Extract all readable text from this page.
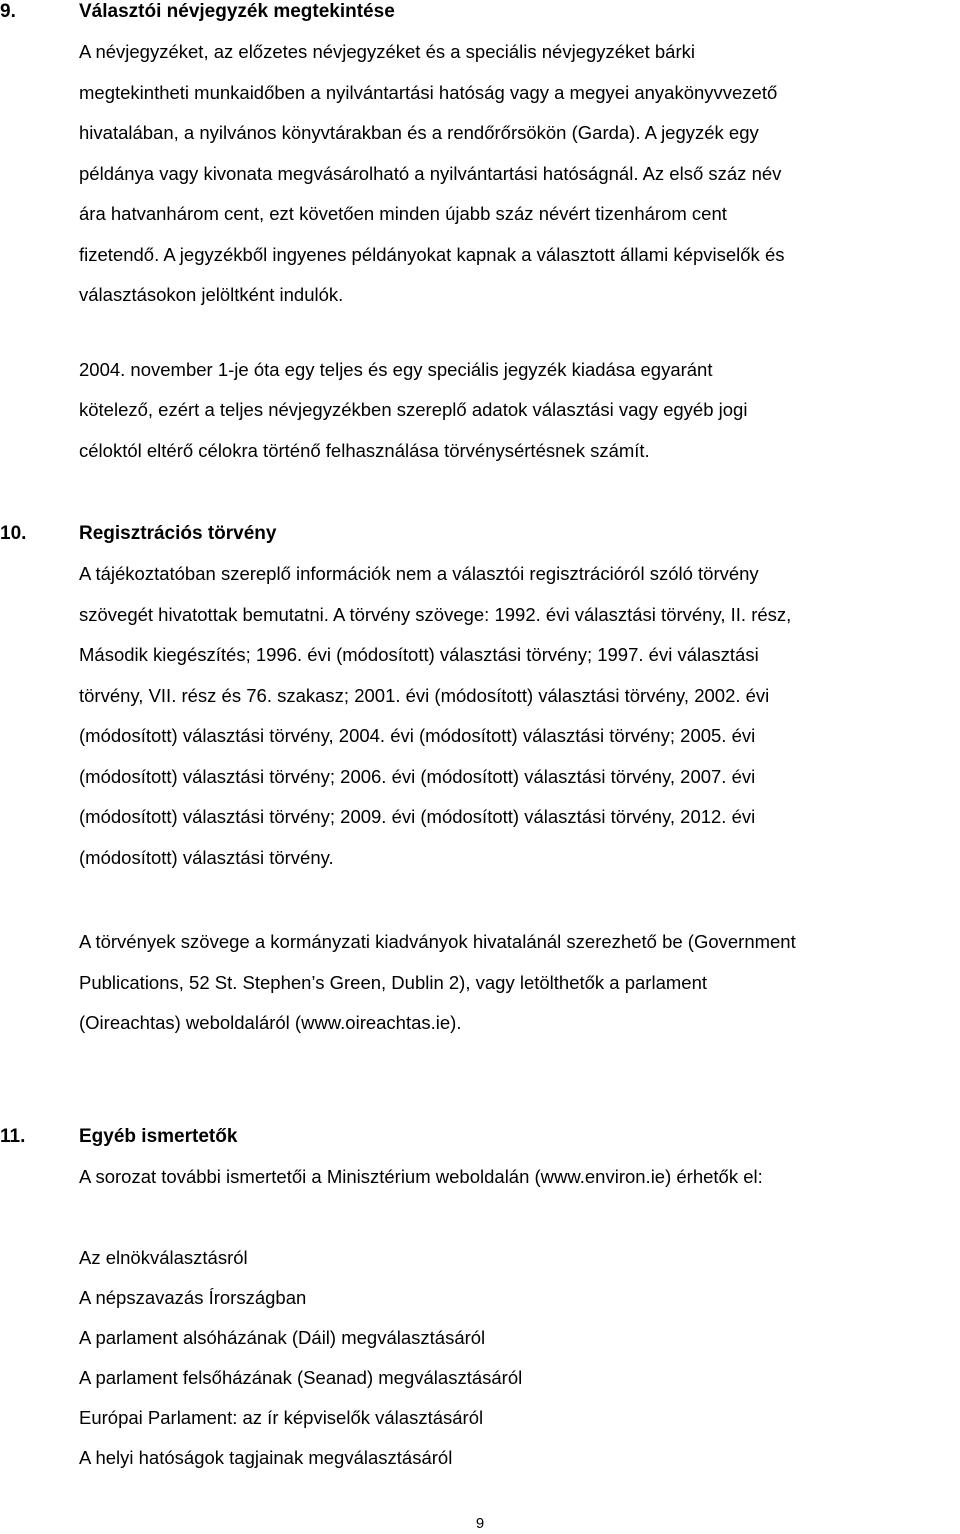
9.	Választói névjegyzék megtekintése

A névjegyzéket, az előzetes névjegyzéket és a speciális névjegyzéket bárki
megtekintheti munkaidőben a nyilvántartási hatóság vagy a megyei anyakönyvvezető
hivatalában, a nyilvános könyvtárakban és a rendőrőrsökön (Garda). A jegyzék egy
példánya vagy kivonata megvásárolható a nyilvántartási hatóságnál. Az első száz név
ára hatvanhárom cent, ezt követően minden újabb száz névért tizenhárom cent
fizetendő. A jegyzékből ingyenes példányokat kapnak a választott állami képviselők és
választásokon jelöltként indulók.

2004. november 1-je óta egy teljes és egy speciális jegyzék kiadása egyaránt
kötelező, ezért a teljes névjegyzékben szereplő adatok választási vagy egyéb jogi
céloktól eltérő célokra történő felhasználása törvénysértésnek számít.

10.	Regisztrációs törvény

A tájékoztatóban szereplő információk nem a választói regisztrációról szóló törvény
szövegét hivatottak bemutatni. A törvény szövege: 1992. évi választási törvény, II. rész,
Második kiegészítés; 1996. évi (módosított) választási törvény; 1997. évi választási
törvény, VII. rész és 76. szakasz; 2001. évi (módosított) választási törvény, 2002. évi
(módosított) választási törvény, 2004. évi (módosított) választási törvény; 2005. évi
(módosított) választási törvény; 2006. évi (módosított) választási törvény, 2007. évi
(módosított) választási törvény; 2009. évi (módosított) választási törvény, 2012. évi
(módosított) választási törvény.

A törvények szövege a kormányzati kiadványok hivatalánál szerezhető be (Government
Publications, 52 St. Stephen’s Green, Dublin 2), vagy letölthetők a parlament
(Oireachtas) weboldaláról (www.oireachtas.ie).

11.	Egyéb ismertetők

A sorozat további ismertetői a Minisztérium weboldalán (www.environ.ie) érhetők el:

Az elnökválasztásról
A népszavazás Írországban
A parlament alsóházának (Dáil) megválasztásáról
A parlament felsőházának (Seanad) megválasztásáról
Európai Parlament: az ír képviselők választásáról
A helyi hatóságok tagjainak megválasztásáról
9
